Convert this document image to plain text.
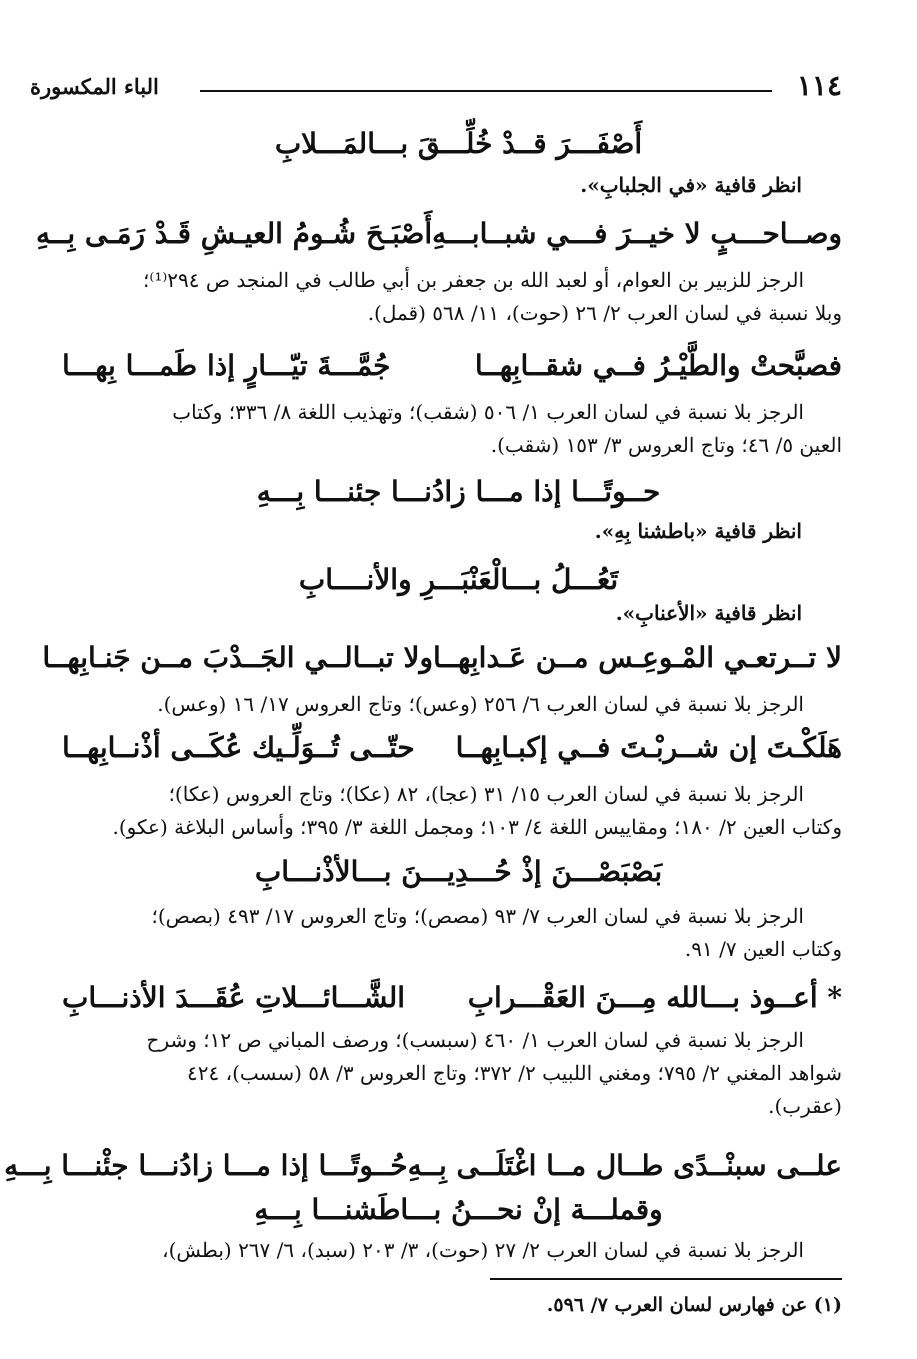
١١٤
الباء المكسورة
أَصْفَـــرَ قــدْ خُلِّـــقَ بـــالمَـــلابِ
انظر قافية «في الجلبابِ».
وصــاحـــبٍ لا خيــرَ فـــي شبــابـــهِ
أَصْبَـحَ شُـومُ العيـشِ قَـدْ رَمَـى بِــهِ
الرجز للزبير بن العوام، أو لعبد الله بن جعفر بن أبي طالب في المنجد ص ٢٩٤⁽¹⁾؛
وبلا نسبة في لسان العرب ٢/ ٢٦ (حوت)، ١١/ ٥٦٨ (قمل).
فصبَّحتْ والطَّيْـرُ فــي شقــابِهــا
جُمَّـــةَ تيّـــارٍ إذا طَمـــا بِهـــا
الرجز بلا نسبة في لسان العرب ١/ ٥٠٦ (شقب)؛ وتهذيب اللغة ٨/ ٣٣٦؛ وكتاب
العين ٥/ ٤٦؛ وتاج العروس ٣/ ١٥٣ (شقب).
حــوتًـــا إذا مـــا زادُنـــا جئنـــا بِـــهِ
انظر قافية «باطشنا بِهِ».
تَعُـــلُ بـــالْعَنْبَـــرِ والأنــــابِ
انظر قافية «الأعنابِ».
لا تــرتعـي المْـوعِـس مــن عَـدابِهــا
ولا تبــالــي الجَــدْبَ مــن جَنـابِهــا
الرجز بلا نسبة في لسان العرب ٦/ ٢٥٦ (وعس)؛ وتاج العروس ١٧/ ١٦ (وعس).
هَلَكْـتَ إن شــربْـتَ فــي إكبـابِهــا
حتّــى تُــوَلِّـيك عُكَــى أذْنــابِهــا
الرجز بلا نسبة في لسان العرب ١٥/ ٣١ (عجا)، ٨٢ (عكا)؛ وتاج العروس (عكا)؛
وكتاب العين ٢/ ١٨٠؛ ومقاييس اللغة ٤/ ١٠٣؛ ومجمل اللغة ٣/ ٣٩٥؛ وأساس البلاغة (عكو).
بَصْبَصْـــنَ إذْ حُـــدِيـــنَ بـــالأذْنـــابِ
الرجز بلا نسبة في لسان العرب ٧/ ٩٣ (مصص)؛ وتاج العروس ١٧/ ٤٩٣ (بصص)؛
وكتاب العين ٧/ ٩١.
* أعــوذ بـــالله مِـــنَ العَقْـــرابِ
الشَّـــائـــلاتِ عُقَـــدَ الأذنـــابِ
الرجز بلا نسبة في لسان العرب ١/ ٤٦٠ (سبسب)؛ ورصف المباني ص ١٢؛ وشرح
شواهد المغني ٢/ ٧٩٥؛ ومغني اللبيب ٢/ ٣٧٢؛ وتاج العروس ٣/ ٥٨ (سسب)، ٤٢٤
(عقرب).
علــى سبنْــدًى طــال مــا اغْتَلَــى بِــهِ
حُــوتًـــا إذا مـــا زادُنـــا جئْنـــا بِـــهِ
وقملـــة إنْ نحـــنُ بـــاطَشنـــا بِـــهِ
الرجز بلا نسبة في لسان العرب ٢/ ٢٧ (حوت)، ٣/ ٢٠٣ (سبد)، ٦/ ٢٦٧ (بطش)،
(١) عن فهارس لسان العرب ٧/ ٥٩٦.
